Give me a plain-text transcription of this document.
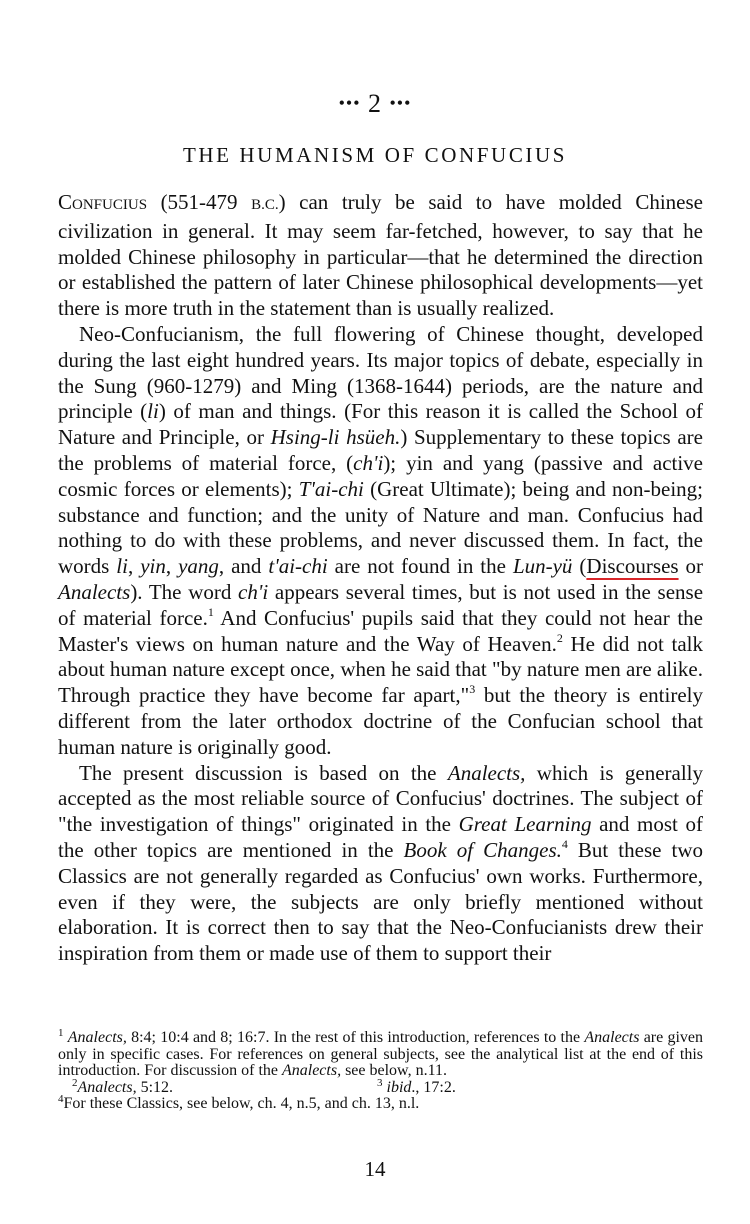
••• 2 •••
THE HUMANISM OF CONFUCIUS

CONFUCIUS (551-479 B.C.) can truly be said to have molded Chinese civilization in general. It may seem far-fetched, however, to say that he molded Chinese philosophy in particular—that he determined the direction or established the pattern of later Chinese philosophical developments—yet there is more truth in the statement than is usually realized.

Neo-Confucianism, the full flowering of Chinese thought, developed during the last eight hundred years. Its major topics of debate, especially in the Sung (960-1279) and Ming (1368-1644) periods, are the nature and principle (li) of man and things. (For this reason it is called the School of Nature and Principle, or Hsing-li hsüeh.) Supplementary to these topics are the problems of material force, (ch'i); yin and yang (passive and active cosmic forces or elements); T'ai-chi (Great Ultimate); being and non-being; substance and function; and the unity of Nature and man. Confucius had nothing to do with these problems, and never discussed them. In fact, the words li, yin, yang, and t'ai-chi are not found in the Lun-yü (Discourses or Analects). The word ch'i appears several times, but is not used in the sense of material force.$^1$ And Confucius' pupils said that they could not hear the Master's views on human nature and the Way of Heaven.$^2$ He did not talk about human nature except once, when he said that "by nature men are alike. Through practice they have become far apart,"$^3$ but the theory is entirely different from the later orthodox doctrine of the Confucian school that human nature is originally good.

The present discussion is based on the Analects, which is generally accepted as the most reliable source of Confucius' doctrines. The subject of "the investigation of things" originated in the Great Learning and most of the other topics are mentioned in the Book of Changes.$^4$ But these two Classics are not generally regarded as Confucius' own works. Furthermore, even if they were, the subjects are only briefly mentioned without elaboration. It is correct then to say that the Neo-Confucianists drew their inspiration from them or made use of them to support their

$^1$ Analects, 8:4; 10:4 and 8; 16:7. In the rest of this introduction, references to the Analects are given only in specific cases. For references on general subjects, see the analytical list at the end of this introduction. For discussion of the Analects, see below, n.11.

$^2$Analects, 5:12.	$^3$ ibid., 17:2.

$^4$For these Classics, see below, ch. 4, n.5, and ch. 13, n.l.

14
